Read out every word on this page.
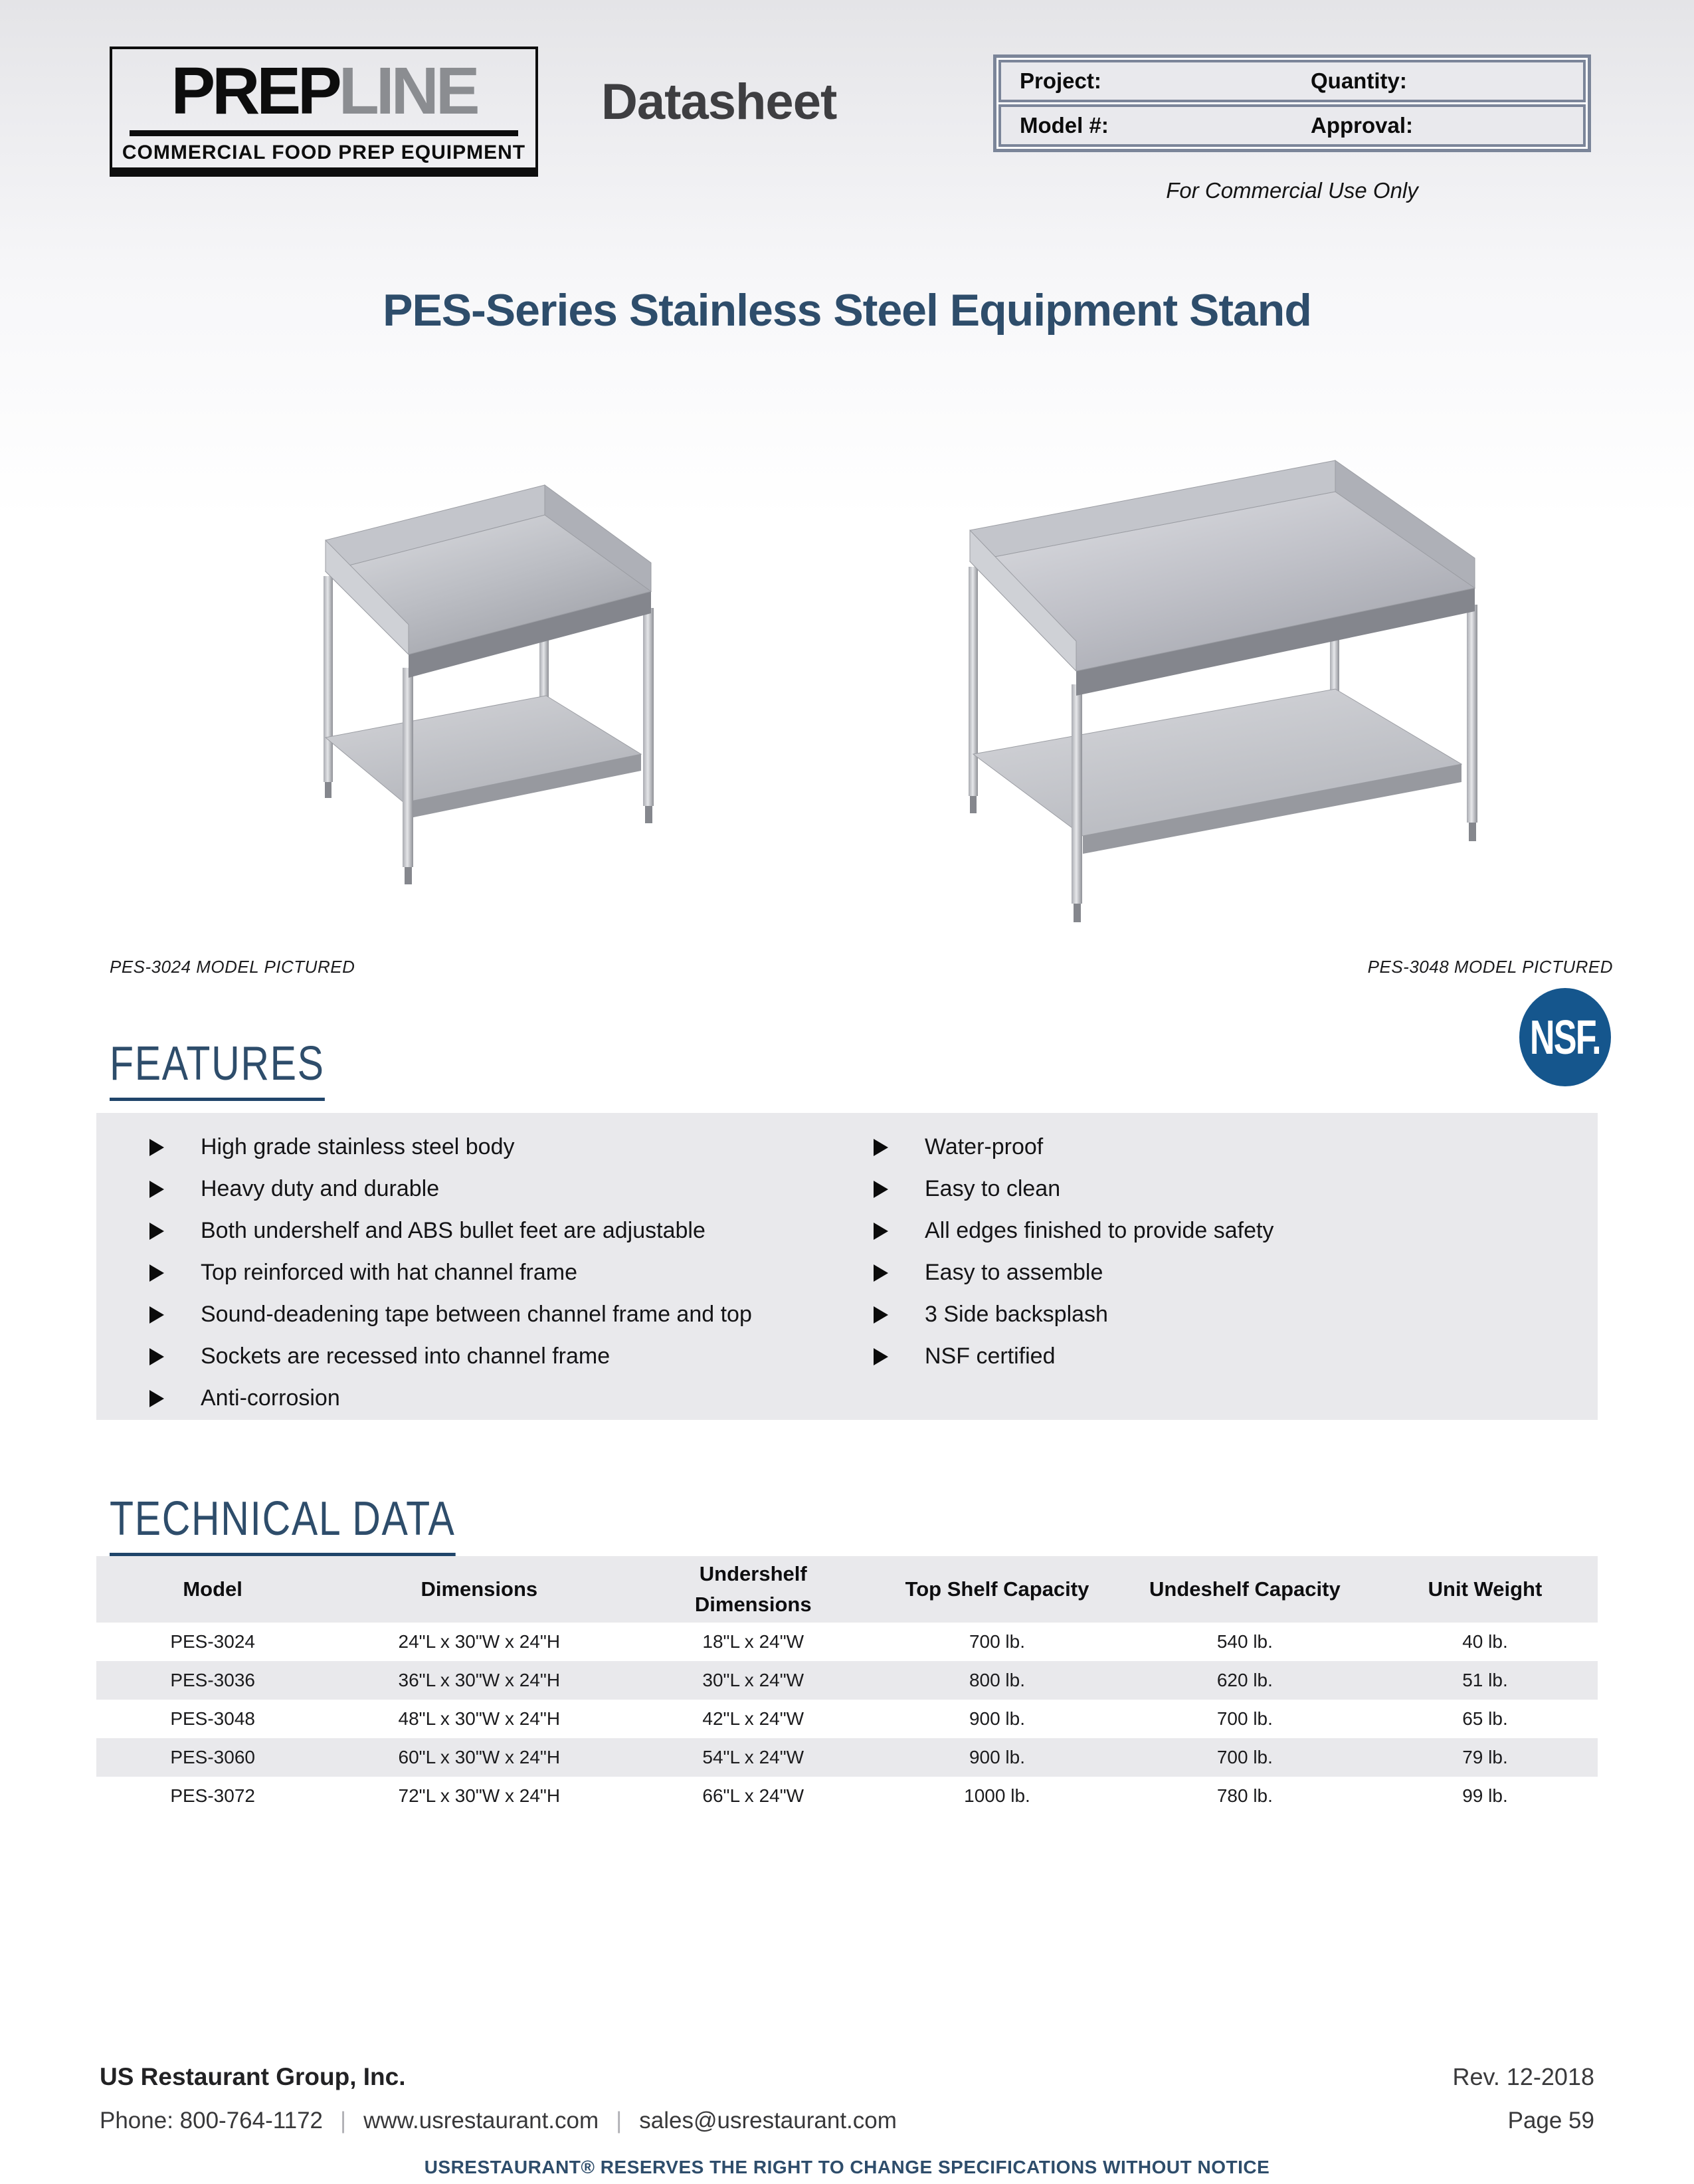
PREPLINE
COMMERCIAL FOOD PREP EQUIPMENT
Datasheet	Project:	Quantity:
Model #:	Approval:
For Commercial Use Only
PES-Series Stainless Steel Equipment Stand
PES-3024 MODEL PICTURED	PES-3048 MODEL PICTURED
NSF.
FEATURES
High grade stainless steel body
Heavy duty and durable
Both undershelf and ABS bullet feet are adjustable
Top reinforced with hat channel frame
Sound-deadening tape between channel frame and top
Sockets are recessed into channel frame
Anti-corrosion
Water-proof
Easy to clean
All edges finished to provide safety
Easy to assemble
3 Side backsplash
NSF certified
TECHNICAL DATA
Model	Dimensions	Undershelf Dimensions	Top Shelf Capacity	Undeshelf Capacity	Unit Weight
PES-3024	24"L x 30"W x 24"H	18"L x 24"W	700 lb.	540 lb.	40 lb.
PES-3036	36"L x 30"W x 24"H	30"L x 24"W	800 lb.	620 lb.	51 lb.
PES-3048	48"L x 30"W x 24"H	42"L x 24"W	900 lb.	700 lb.	65 lb.
PES-3060	60"L x 30"W x 24"H	54"L x 24"W	900 lb.	700 lb.	79 lb.
PES-3072	72"L x 30"W x 24"H	66"L x 24"W	1000 lb.	780 lb.	99 lb.
US Restaurant Group, Inc.	Rev. 12-2018
Phone: 800-764-1172 | www.usrestaurant.com | sales@usrestaurant.com	Page 59
USRESTAURANT® RESERVES THE RIGHT TO CHANGE SPECIFICATIONS WITHOUT NOTICE
